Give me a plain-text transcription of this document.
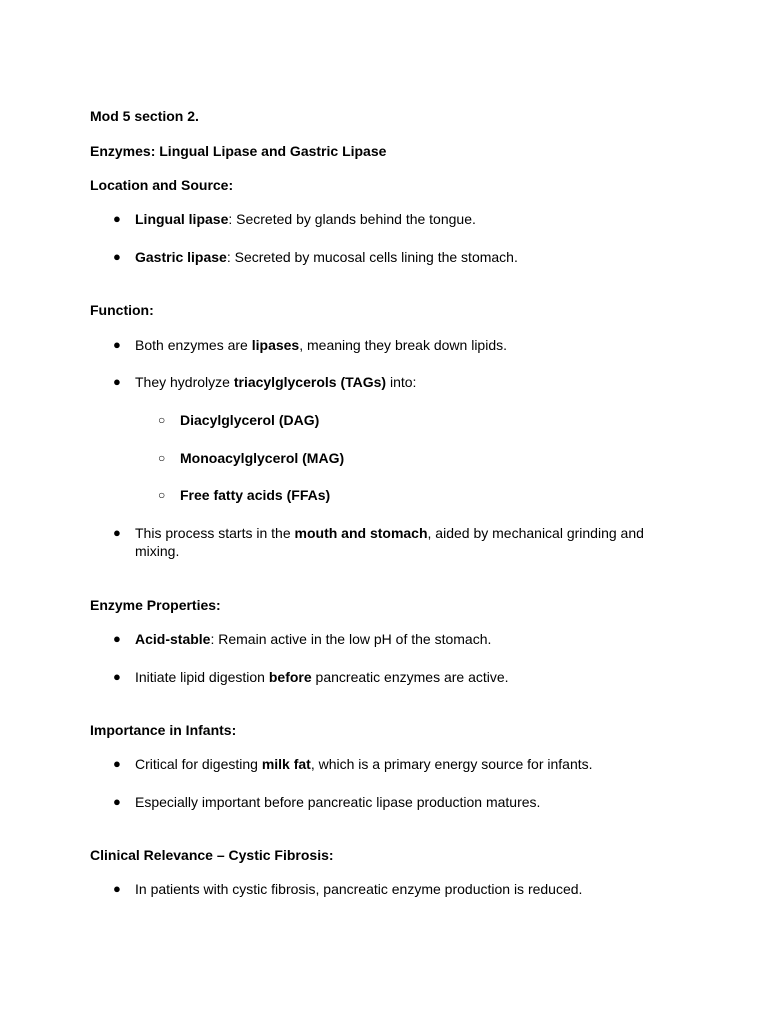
Mod 5 section 2.
Enzymes: Lingual Lipase and Gastric Lipase
Location and Source:
● Lingual lipase: Secreted by glands behind the tongue.
● Gastric lipase: Secreted by mucosal cells lining the stomach.
Function:
● Both enzymes are lipases, meaning they break down lipids.
● They hydrolyze triacylglycerols (TAGs) into:
○ Diacylglycerol (DAG)
○ Monoacylglycerol (MAG)
○ Free fatty acids (FFAs)
● This process starts in the mouth and stomach, aided by mechanical grinding and mixing.
Enzyme Properties:
● Acid-stable: Remain active in the low pH of the stomach.
● Initiate lipid digestion before pancreatic enzymes are active.
Importance in Infants:
● Critical for digesting milk fat, which is a primary energy source for infants.
● Especially important before pancreatic lipase production matures.
Clinical Relevance – Cystic Fibrosis:
● In patients with cystic fibrosis, pancreatic enzyme production is reduced.
